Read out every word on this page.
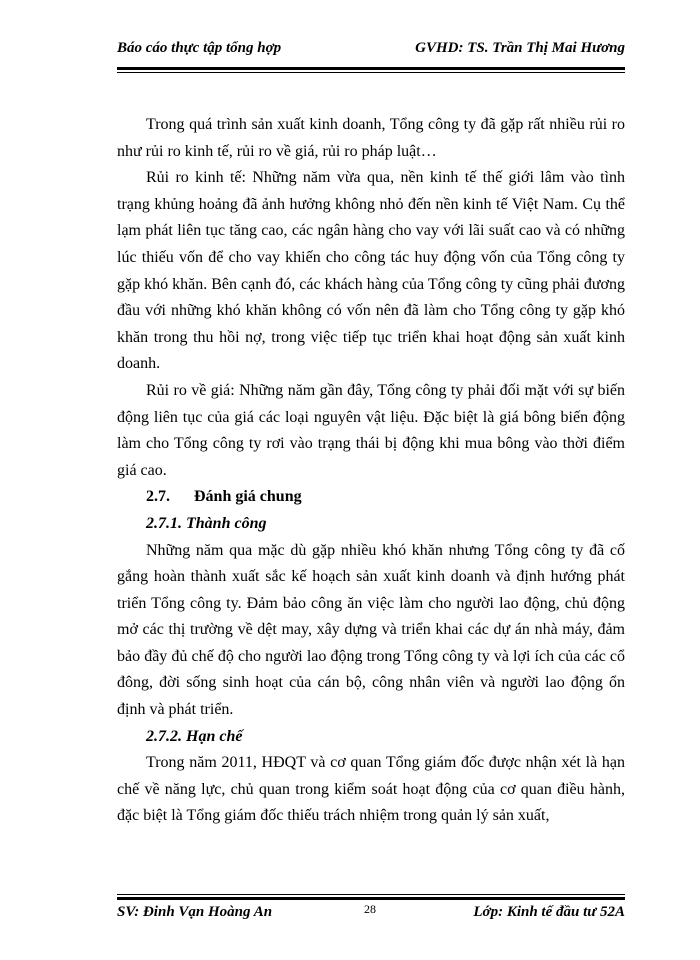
Báo cáo thực tập tổng hợp	GVHD: TS. Trần Thị Mai Hương

Trong quá trình sản xuất kinh doanh, Tổng công ty đã gặp rất nhiều rủi ro như rủi ro kinh tế, rủi ro về giá, rủi ro pháp luật…

Rủi ro kinh tế: Những năm vừa qua, nền kinh tế thế giới lâm vào tình trạng khủng hoảng đã ảnh hưởng không nhỏ đến nền kinh tế Việt Nam. Cụ thể lạm phát liên tục tăng cao, các ngân hàng cho vay với lãi suất cao và có những lúc thiếu vốn để cho vay khiến cho công tác huy động vốn của Tổng công ty gặp khó khăn. Bên cạnh đó, các khách hàng của Tổng công ty cũng phải đương đầu với những khó khăn không có vốn nên đã làm cho Tổng công ty gặp khó khăn trong thu hồi nợ, trong việc tiếp tục triển khai hoạt động sản xuất kinh doanh.

Rủi ro về giá: Những năm gần đây, Tổng công ty phải đối mặt với sự biến động liên tục của giá các loại nguyên vật liệu. Đặc biệt là giá bông biến động làm cho Tổng công ty rơi vào trạng thái bị động khi mua bông vào thời điểm giá cao.

2.7. Đánh giá chung

2.7.1. Thành công

Những năm qua mặc dù gặp nhiều khó khăn nhưng Tổng công ty đã cố gắng hoàn thành xuất sắc kế hoạch sản xuất kinh doanh và định hướng phát triển Tổng công ty. Đảm bảo công ăn việc làm cho người lao động, chủ động mở các thị trường về dệt may, xây dựng và triển khai các dự án nhà máy, đảm bảo đầy đủ chế độ cho người lao động trong Tổng công ty và lợi ích của các cổ đông, đời sống sinh hoạt của cán bộ, công nhân viên và người lao động ổn định và phát triển.

2.7.2. Hạn chế

Trong năm 2011, HĐQT và cơ quan Tổng giám đốc được nhận xét là hạn chế về năng lực, chủ quan trong kiểm soát hoạt động của cơ quan điều hành, đặc biệt là Tổng giám đốc thiếu trách nhiệm trong quản lý sản xuất,

SV: Đinh Vạn Hoàng An	28	Lớp: Kinh tế đầu tư 52A
